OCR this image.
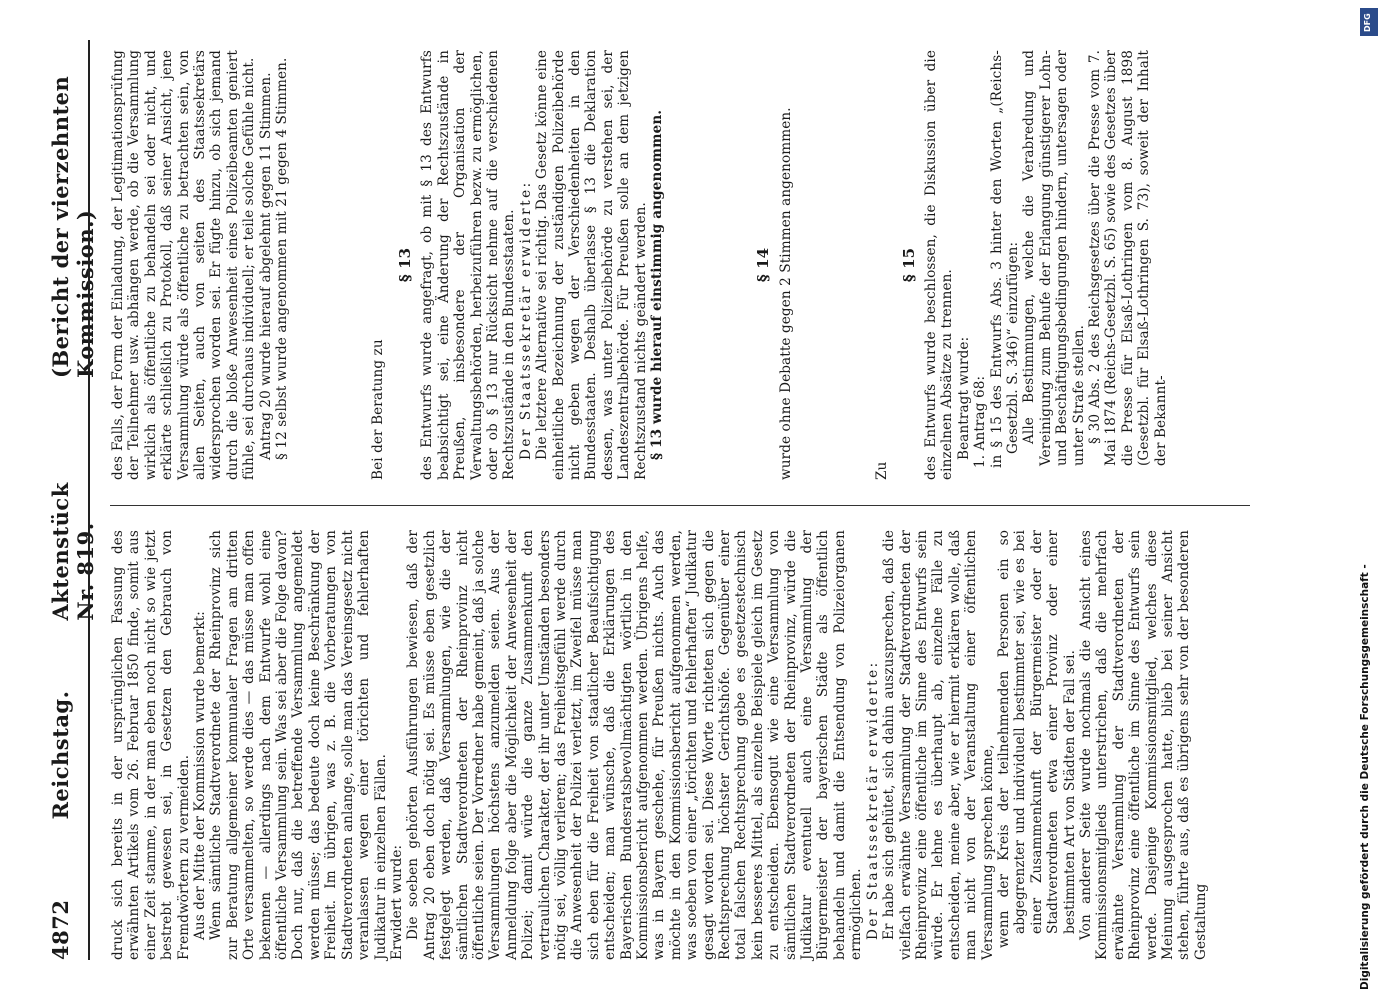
4872
Reichstag.
Aktenstück Nr. 819.
(Bericht der vierzehnten Kommission.)

druck sich bereits in der ursprünglichen Fassung des erwähnten Artikels vom 26. Februar 1850 finde, somit aus einer Zeit stamme, in der man eben noch nicht so wie jetzt bestrebt gewesen sei, in Gesetzen den Gebrauch von Fremdwörtern zu vermeiden. Aus der Mitte der Kommission wurde bemerkt: Wenn sämtliche Stadtverordnete der Rheinprovinz sich zur Beratung allgemeiner kommunaler Fragen am dritten Orte versammelten, so werde dies — das müsse man offen bekennen — allerdings nach dem Entwurfe wohl eine öffentliche Versammlung sein. Was sei aber die Folge davon? Doch nur, daß die betreffende Versammlung angemeldet werden müsse; das bedeute doch keine Beschränkung der Freiheit. Im übrigen, was z. B. die Vorberatungen von Stadtverordneten anlange, solle man das Vereinsgesetz nicht veranlassen wegen einer törichten und fehlerhaften Judikatur in einzelnen Fällen. Erwidert wurde: Die soeben gehörten Ausführungen bewiesen, daß der Antrag 20 eben doch nötig sei. Es müsse eben gesetzlich festgelegt werden, daß Versammlungen, wie die der sämtlichen Stadtverordneten der Rheinprovinz nicht öffentliche seien. Der Vorredner habe gemeint, daß ja solche Versammlungen höchstens anzumelden seien. Aus der Anmeldung folge aber die Möglichkeit der Anwesenheit der Polizei; damit würde die ganze Zusammenkunft den vertraulichen Charakter, der ihr unter Umständen besonders nötig sei, völlig verlieren; das Freiheitsgefühl werde durch die Anwesenheit der Polizei verletzt, im Zweifel müsse man sich eben für die Freiheit von staatlicher Beaufsichtigung entscheiden; man wünsche, daß die Erklärungen des Bayerischen Bundesratsbevollmächtigten wörtlich in den Kommissionsbericht aufgenommen werden. Übrigens helfe, was in Bayern geschehe, für Preußen nichts. Auch das möchte in den Kommissionsbericht aufgenommen werden, was soeben von einer „törichten und fehlerhaften“ Judikatur gesagt worden sei. Diese Worte richteten sich gegen die Rechtsprechung höchster Gerichtshöfe. Gegenüber einer total falschen Rechtsprechung gebe es gesetzestechnisch kein besseres Mittel, als einzelne Beispiele gleich im Gesetz zu entscheiden. Ebensogut wie eine Versammlung von sämtlichen Stadtverordneten der Rheinprovinz, würde die Judikatur eventuell auch eine Versammlung der Bürgermeister der bayerischen Städte als öffentlich behandeln und damit die Entsendung von Polizeiorganen ermöglichen. Der Staatssekretär erwiderte: Er habe sich gehütet, sich dahin auszusprechen, daß die vielfach erwähnte Versammlung der Stadtverordneten der Rheinprovinz eine öffentliche im Sinne des Entwurfs sein würde. Er lehne es überhaupt ab, einzelne Fälle zu entscheiden, meine aber, wie er hiermit erklären wolle, daß man nicht von der Veranstaltung einer öffentlichen Versammlung sprechen könne, wenn der Kreis der teilnehmenden Personen ein so abgegrenzter und individuell bestimmter sei, wie es bei einer Zusammenkunft der Bürgermeister oder der Stadtverordneten etwa einer Provinz oder einer bestimmten Art von Städten der Fall sei. Von anderer Seite wurde nochmals die Ansicht eines Kommissionsmitglieds unterstrichen, daß die mehrfach erwähnte Versammlung der Stadtverordneten der Rheinprovinz eine öffentliche im Sinne des Entwurfs sein werde. Dasjenige Kommissionsmitglied, welches diese Meinung ausgesprochen hatte, blieb bei seiner Ansicht stehen, führte aus, daß es übrigens sehr von der besonderen Gestaltung

des Falls, der Form der Einladung, der Legitimationsprüfung der Teilnehmer usw. abhängen werde, ob die Versammlung wirklich als öffentliche zu behandeln sei oder nicht, und erklärte schließlich zu Protokoll, daß seiner Ansicht, jene Versammlung würde als öffentliche zu betrachten sein, von allen Seiten, auch von seiten des Staatssekretärs widersprochen worden sei. Er fügte hinzu, ob sich jemand durch die bloße Anwesenheit eines Polizeibeamten geniert fühle, sei durchaus individuell; er teile solche Gefühle nicht. Antrag 20 wurde hierauf abgelehnt gegen 11 Stimmen. § 12 selbst wurde angenommen mit 21 gegen 4 Stimmen.	Bei der Beratung zu

§ 13 des Entwurfs wurde angefragt, ob mit § 13 des Entwurfs beabsichtigt sei, eine Änderung der Rechtszustände in Preußen, insbesondere der Organisation der Verwaltungsbehörden, herbeizuführen bezw. zu ermöglichen, oder ob § 13 nur Rücksicht nehme auf die verschiedenen Rechtszustände in den Bundesstaaten. Der Staatssekretär erwiderte: Die letztere Alternative sei richtig. Das Gesetz könne eine einheitliche Bezeichnung der zuständigen Polizeibehörde nicht geben wegen der Verschiedenheiten in den Bundesstaaten. Deshalb überlasse § 13 die Deklaration dessen, was unter Polizeibehörde zu verstehen sei, der Landeszentralbehörde. Für Preußen solle an dem jetzigen Rechtszustand nichts geändert werden. § 13 wurde hierauf einstimmig angenommen.	§ 14 wurde ohne Debatte gegen 2 Stimmen angenommen.	Zu

§ 15 des Entwurfs wurde beschlossen, die Diskussion über die einzelnen Absätze zu trennen. Beantragt wurde: 1. Antrag 68: in § 15 des Entwurfs Abs. 3 hinter den Worten „(Reichs-Gesetzbl. S. 346)“ einzufügen: Alle Bestimmungen, welche die Verabredung und Vereinigung zum Behufe der Erlangung günstigerer Lohn- und Beschäftigungsbedingungen hindern, untersagen oder unter Strafe stellen. § 30 Abs. 2 des Reichsgesetzes über die Presse vom 7. Mai 1874 (Reichs-Gesetzbl. S. 65) sowie des Gesetzes über die Presse für Elsaß-Lothringen vom 8. August 1898 (Gesetzbl. für Elsaß-Lothringen S. 73), soweit der Inhalt der Bekannt-

DFG
Digitalisierung gefördert durch die Deutsche Forschungsgemeinschaft -
